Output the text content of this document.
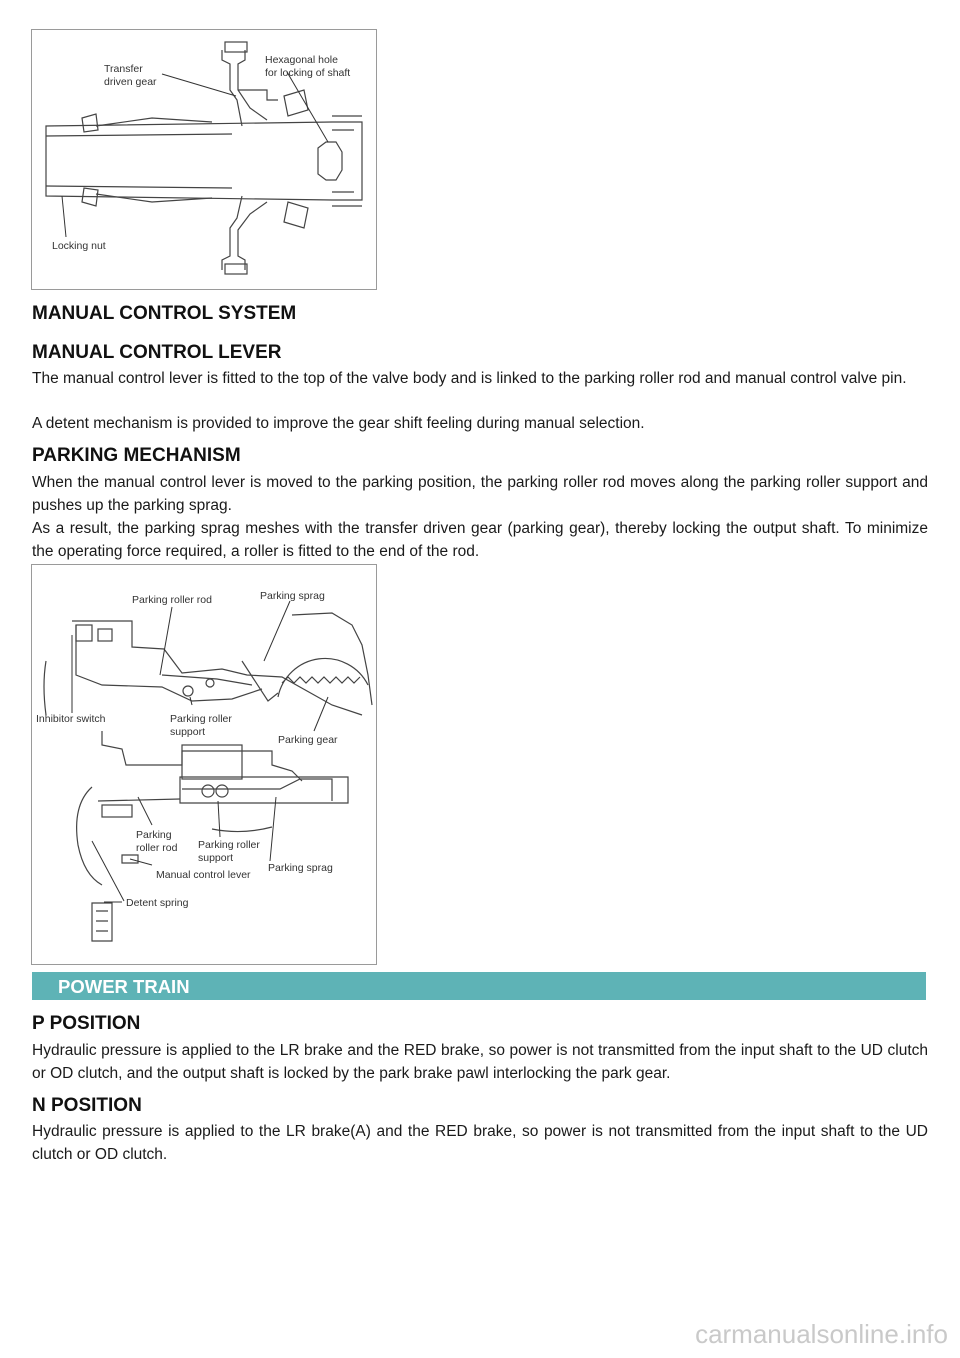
Transfer
driven gear
Hexagonal hole
for locking of shaft
Locking nut
MANUAL CONTROL SYSTEM
MANUAL CONTROL LEVER

The manual control lever is fitted to the top of the valve body and is linked to the parking roller rod and manual control valve pin.

A detent mechanism is provided to improve the gear shift feeling during manual selection.

PARKING MECHANISM

When the manual control lever is moved to the parking position, the parking roller rod moves along the parking roller support and pushes up the parking sprag.

As a result, the parking sprag meshes with the transfer driven gear (parking gear), thereby locking the output shaft. To minimize the operating force required, a roller is fitted to the end of the rod.

Parking roller rod	Parking sprag
Inhibitor switch	Parking roller
support
Parking gear
Parking
roller rod Parking roller
support
Manual control lever
Parking sprag
Detent spring
POWER TRAIN
P POSITION

Hydraulic pressure is applied to the LR brake and the RED brake, so power is not transmitted from the input shaft to the UD clutch or OD clutch, and the output shaft is locked by the park brake pawl interlocking the park gear.

N POSITION

Hydraulic pressure is applied to the LR brake(A) and the RED brake, so power is not transmitted from the input shaft to the UD clutch or OD clutch.

carmanualsonline.info
